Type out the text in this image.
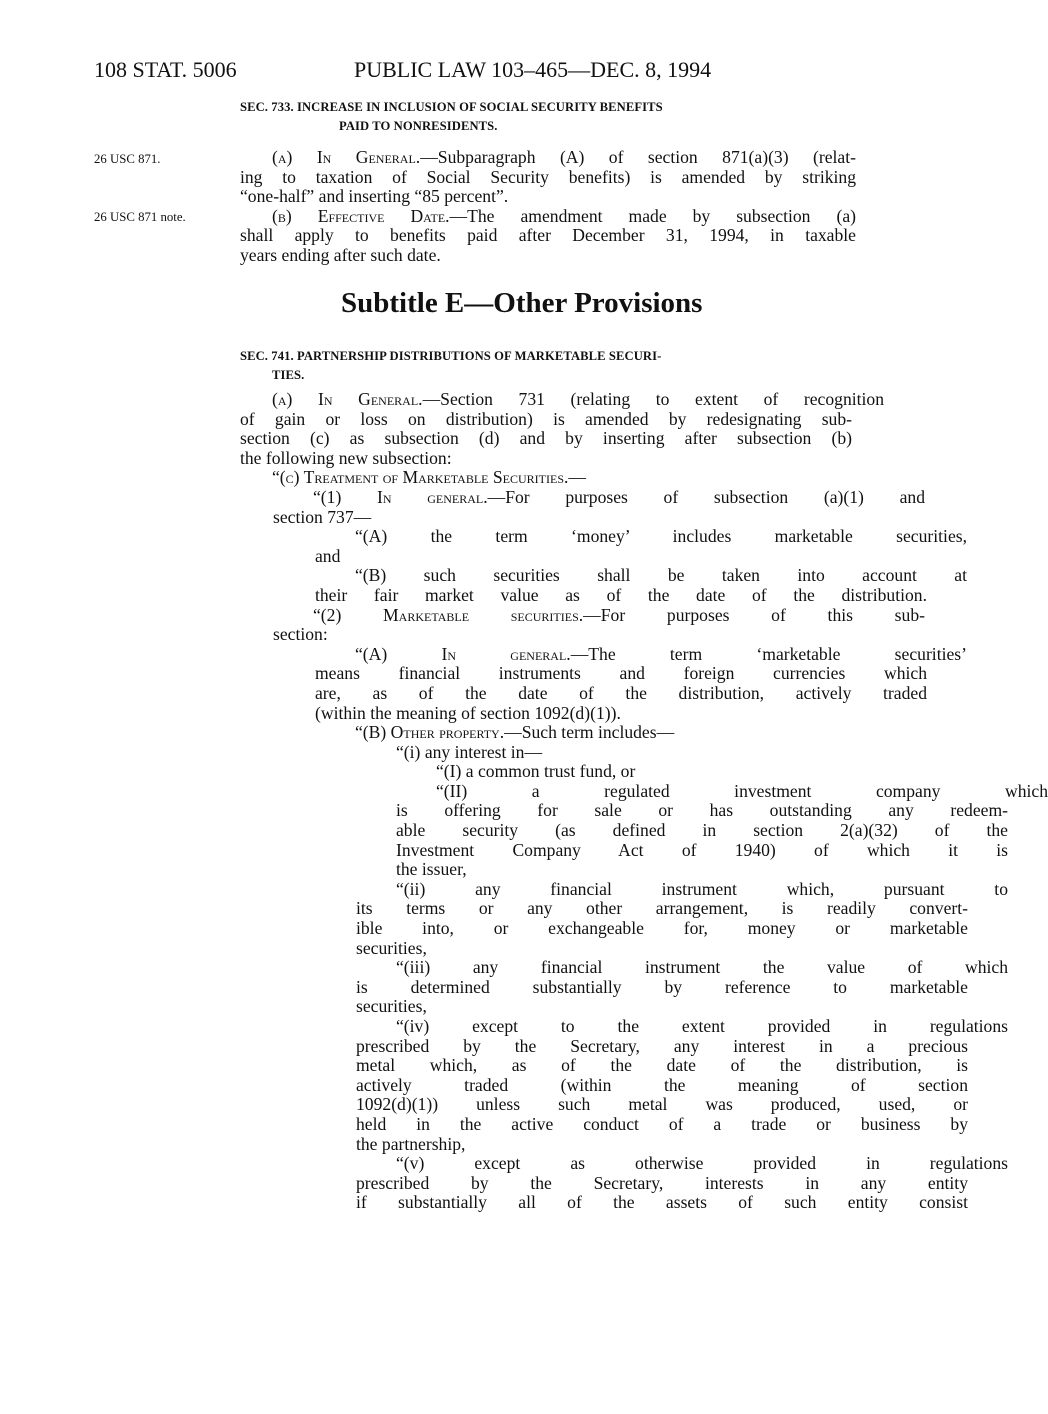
108 STAT. 5006	PUBLIC LAW 103–465—DEC. 8, 1994
SEC. 733. INCREASE IN INCLUSION OF SOCIAL SECURITY BENEFITS
PAID TO NONRESIDENTS.
26 USC 871.
26 USC 871 note.
(a) In General.—Subparagraph (A) of section 871(a)(3) (relat-
ing to taxation of Social Security benefits) is amended by striking
“one-half” and inserting “85 percent”.
(b) Effective Date.—The amendment made by subsection (a)
shall apply to benefits paid after December 31, 1994, in taxable
years ending after such date.
Subtitle E—Other Provisions
SEC. 741. PARTNERSHIP DISTRIBUTIONS OF MARKETABLE SECURI-
TIES.
(a) In General.—Section 731 (relating to extent of recognition
of gain or loss on distribution) is amended by redesignating sub-
section (c) as subsection (d) and by inserting after subsection (b)
the following new subsection:
“(c) Treatment of Marketable Securities.—
“(1) In general.—For purposes of subsection (a)(1) and
section 737—
“(A) the term ‘money’ includes marketable securities,
and
“(B) such securities shall be taken into account at
their fair market value as of the date of the distribution.
“(2) Marketable securities.—For purposes of this sub-
section:
“(A) In general.—The term ‘marketable securities’
means financial instruments and foreign currencies which
are, as of the date of the distribution, actively traded
(within the meaning of section 1092(d)(1)).
“(B) Other property.—Such term includes—
“(i) any interest in—
“(I) a common trust fund, or
“(II) a regulated investment company which
is offering for sale or has outstanding any redeem-
able security (as defined in section 2(a)(32) of the
Investment Company Act of 1940) of which it is
the issuer,
“(ii) any financial instrument which, pursuant to
its terms or any other arrangement, is readily convert-
ible into, or exchangeable for, money or marketable
securities,
“(iii) any financial instrument the value of which
is determined substantially by reference to marketable
securities,
“(iv) except to the extent provided in regulations
prescribed by the Secretary, any interest in a precious
metal which, as of the date of the distribution, is
actively traded (within the meaning of section
1092(d)(1)) unless such metal was produced, used, or
held in the active conduct of a trade or business by
the partnership,
“(v) except as otherwise provided in regulations
prescribed by the Secretary, interests in any entity
if substantially all of the assets of such entity consist
